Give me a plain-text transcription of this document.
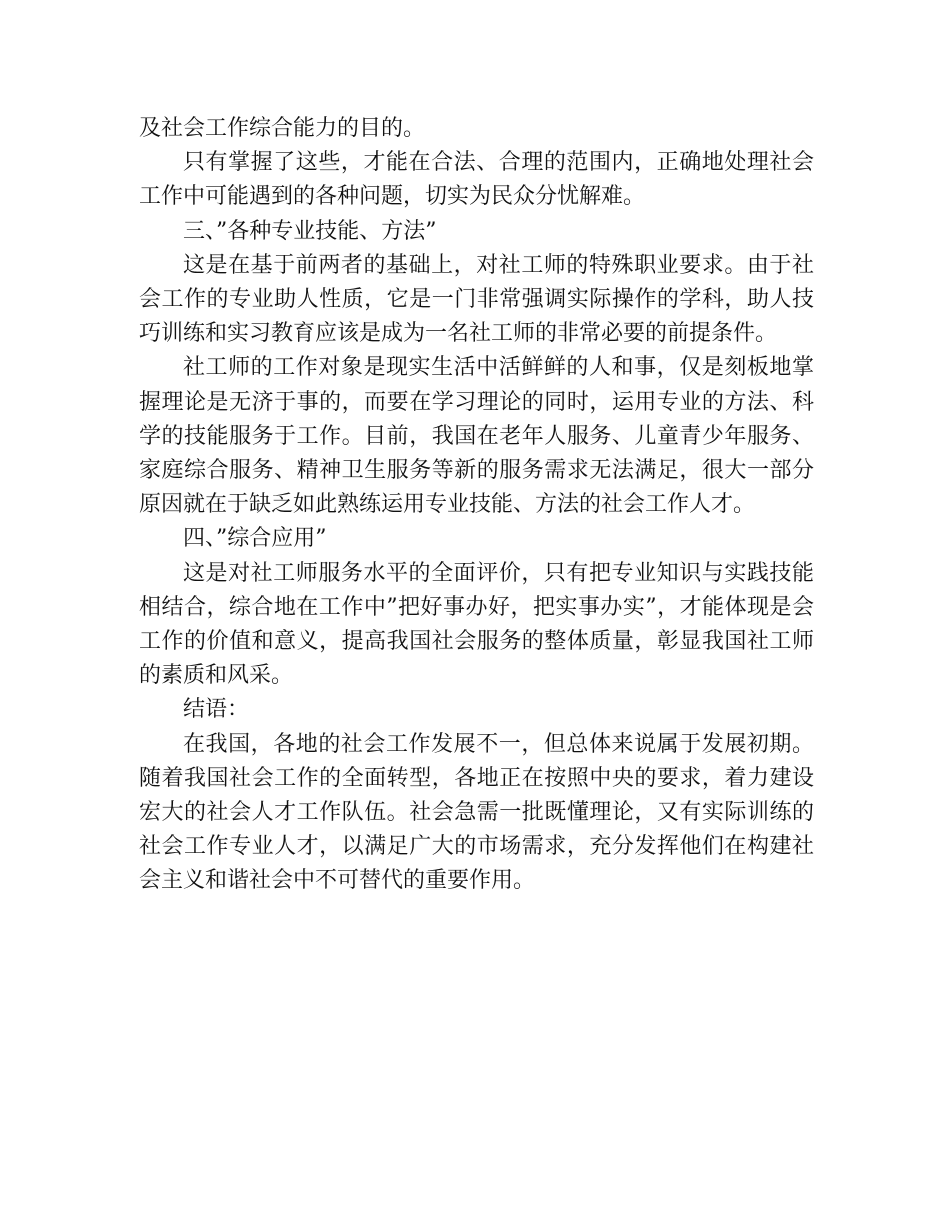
及社会工作综合能力的目的。

只有掌握了这些，才能在合法、合理的范围内，正确地处理社会工作中可能遇到的各种问题，切实为民众分忧解难。

三、”各种专业技能、方法”

这是在基于前两者的基础上，对社工师的特殊职业要求。由于社会工作的专业助人性质，它是一门非常强调实际操作的学科，助人技巧训练和实习教育应该是成为一名社工师的非常必要的前提条件。

社工师的工作对象是现实生活中活鲜鲜的人和事，仅是刻板地掌握理论是无济于事的，而要在学习理论的同时，运用专业的方法、科学的技能服务于工作。目前，我国在老年人服务、儿童青少年服务、家庭综合服务、精神卫生服务等新的服务需求无法满足，很大一部分原因就在于缺乏如此熟练运用专业技能、方法的社会工作人才。

四、”综合应用”

这是对社工师服务水平的全面评价，只有把专业知识与实践技能相结合，综合地在工作中”把好事办好，把实事办实”，才能体现是会工作的价值和意义，提高我国社会服务的整体质量，彰显我国社工师的素质和风采。

结语：

在我国，各地的社会工作发展不一，但总体来说属于发展初期。随着我国社会工作的全面转型，各地正在按照中央的要求，着力建设宏大的社会人才工作队伍。社会急需一批既懂理论，又有实际训练的社会工作专业人才，以满足广大的市场需求，充分发挥他们在构建社会主义和谐社会中不可替代的重要作用。
